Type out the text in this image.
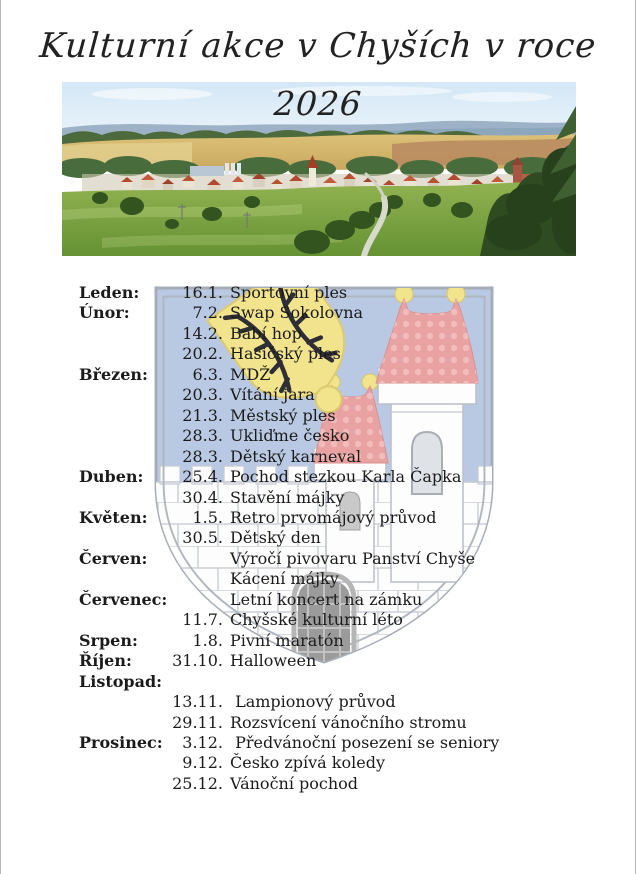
Kulturní akce v Chyších v roce
2026
Leden:	16.1. Sportovní ples
Únor:	7.2. Swap Sokolovna
14.2. Babí hop
20.2. Hasičský ples
Březen:	6.3. MDŽ
20.3. Vítání jara
21.3. Městský ples
28.3. Ukliďme česko
28.3. Dětský karneval
Duben:	25.4. Pochod stezkou Karla Čapka
30.4. Stavění májky
Květen:	1.5. Retro prvomájový průvod
30.5. Dětský den
Červen:	Výročí pivovaru Panství Chyše
Kácení májky
Červenec:	Letní koncert na zámku
11.7. Chyšské kulturní léto
Srpen:	1.8. Pivní maratón
Říjen:	31.10. Halloween
Listopad:
13.11. Lampionový průvod
29.11. Rozsvícení vánočního stromu
Prosinec:	3.12. Předvánoční posezení se seniory
9.12. Česko zpívá koledy
25.12. Vánoční pochod
